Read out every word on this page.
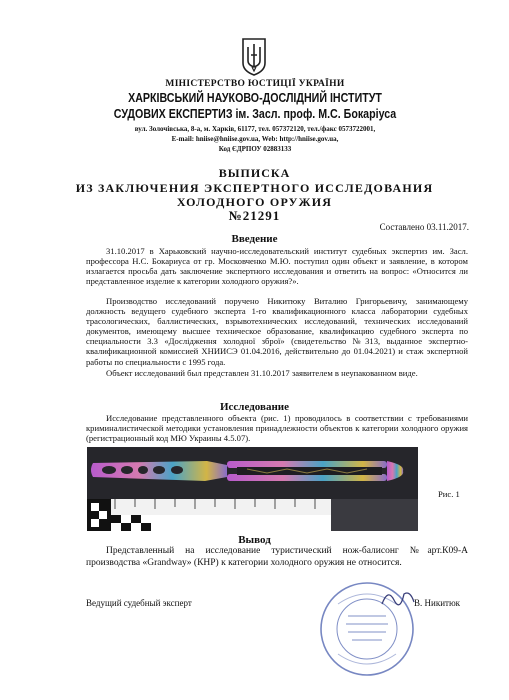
МІНІСТЕРСТВО ЮСТИЦІЇ УКРАЇНИ
ХАРКІВСЬКИЙ НАУКОВО-ДОСЛІДНИЙ ІНСТИТУТ
СУДОВИХ ЕКСПЕРТИЗ ім. Засл. проф. М.С. Бокаріуса
вул. Золочівська, 8-а, м. Харків, 61177, тел. 057372120, тел./факс 0573722001,
E-mail: hniise@hniise.gov.ua, Web: http://hniise.gov.ua,
Код ЄДРПОУ 02883133
ВЫПИСКА
ИЗ ЗАКЛЮЧЕНИЯ ЭКСПЕРТНОГО ИССЛЕДОВАНИЯ
ХОЛОДНОГО ОРУЖИЯ
№21291
Составлено 03.11.2017.
Введение
31.10.2017 в Харьковский научно-исследовательский институт судебных экспертиз им. Засл. профессора Н.С. Бокариуса от гр. Московченко М.Ю. поступил один объект и заявление, в котором излагается просьба дать заключение экспертного исследования и ответить на вопрос: «Относится ли представленное изделие к категории холодного оружия?».
Производство исследований поручено Никитюку Виталию Григорьевичу, занимающему должность ведущего судебного эксперта 1-го квалификационного класса лаборатории судебных трасологических, баллистических, взрывотехнических исследований, технических исследований документов, имеющему высшее техническое образование, квалификацию судебного эксперта по специальности 3.3 «Дослідження холодної зброї» (свидетельство №313, выданное экспертно-квалификационной комиссией ХНИИСЭ 01.04.2016, действительно до 01.04.2021) и стаж экспертной работы по специальности с 1995 года.
Объект исследований был представлен 31.10.2017 заявителем в неупакованном виде.
Исследование
Исследование представленного объекта (рис. 1) проводилось в соответствии с требованиями криминалистической методики установления принадлежности объектов к категории холодного оружия (регистрационный код МЮ Украины 4.5.07).
Рис. 1
Вывод
Представленный на исследование туристический нож-балисонг №арт.К09-А производства «Grandway» (КНР) к категории холодного оружия не относится.
Ведущий судебный эксперт	В. Никитюк
